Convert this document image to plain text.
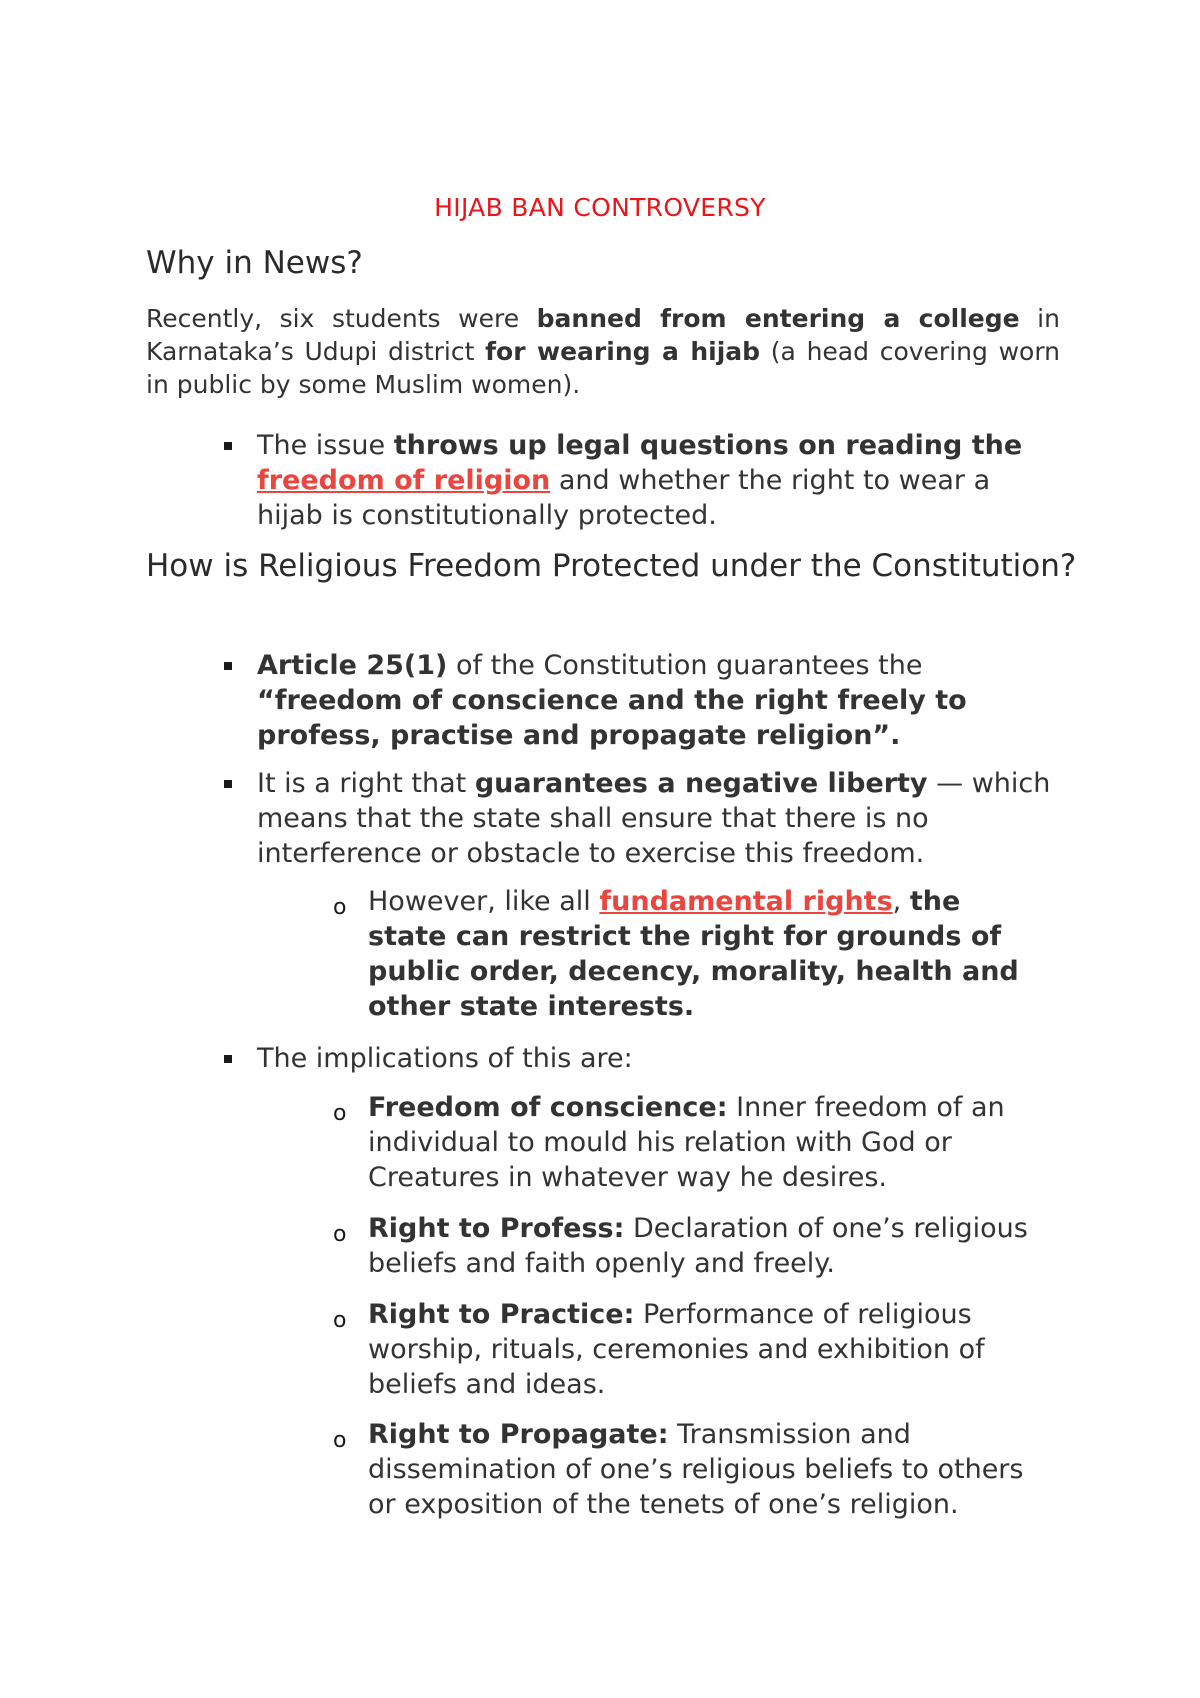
HIJAB BAN CONTROVERSY
Why in News?
Recently, six students were banned from entering a college in Karnataka’s Udupi district for wearing a hijab (a head covering worn in public by some Muslim women).
The issue throws up legal questions on reading the freedom of religion and whether the right to wear a hijab is constitutionally protected.
How is Religious Freedom Protected under the Constitution?
Article 25(1) of the Constitution guarantees the “freedom of conscience and the right freely to profess, practise and propagate religion”.
It is a right that guarantees a negative liberty — which means that the state shall ensure that there is no interference or obstacle to exercise this freedom.
o However, like all fundamental rights, the state can restrict the right for grounds of public order, decency, morality, health and other state interests.
The implications of this are:
o Freedom of conscience: Inner freedom of an individual to mould his relation with God or Creatures in whatever way he desires.
o Right to Profess: Declaration of one’s religious beliefs and faith openly and freely.
o Right to Practice: Performance of religious worship, rituals, ceremonies and exhibition of beliefs and ideas.
o Right to Propagate: Transmission and dissemination of one’s religious beliefs to others or exposition of the tenets of one’s religion.
